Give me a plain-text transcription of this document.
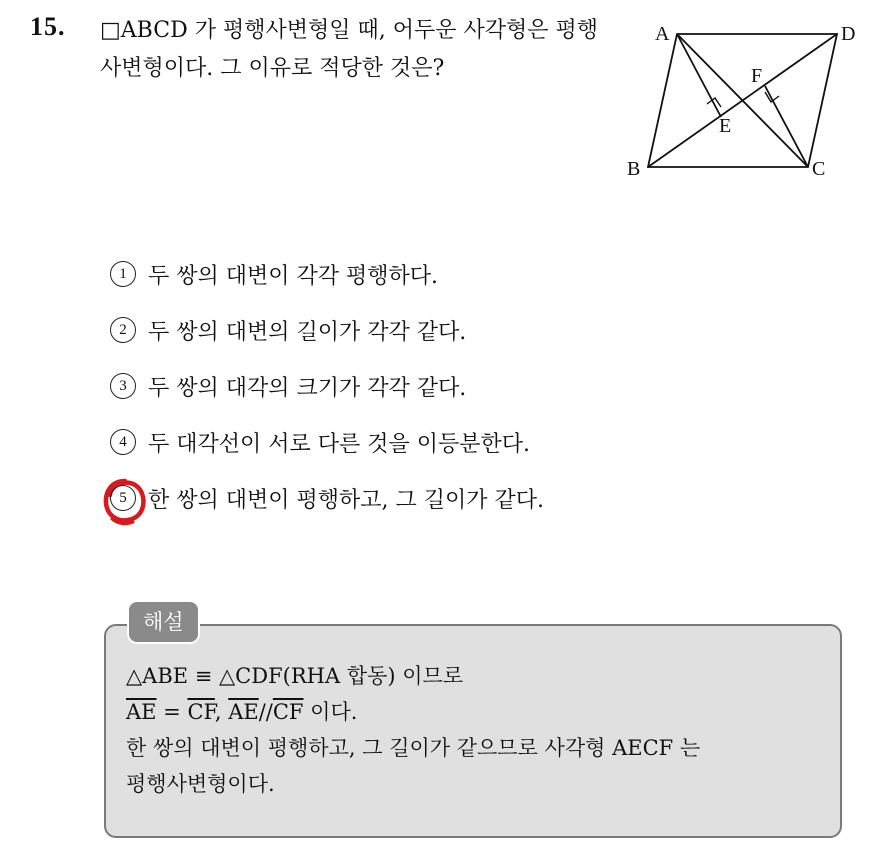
15. □ABCD 가 평행사변형일 때, 어두운 사각형은 평행사변형이다. 그 이유로 적당한 것은?
A	D
B	C
E
F
1 두 쌍의 대변이 각각 평행하다.
2 두 쌍의 대변의 길이가 각각 같다.
3 두 쌍의 대각의 크기가 각각 같다.
4 두 대각선이 서로 다른 것을 이등분한다.
5 한 쌍의 대변이 평행하고, 그 길이가 같다.
해설
△ABE ≡ △CDF(RHA 합동) 이므로
$\overline{AE} = \overline{CF}$, $\overline{AE}//\overline{CF}$ 이다.
한 쌍의 대변이 평행하고, 그 길이가 같으므로 사각형 AECF 는
평행사변형이다.
